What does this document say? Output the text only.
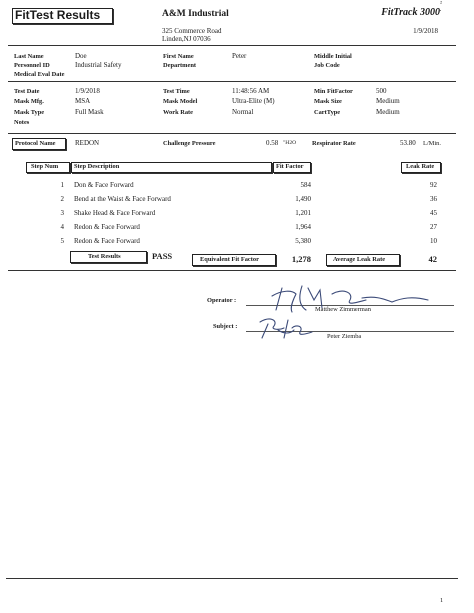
FitTest Results	A&M Industrial
325 Commerce Road
Linden,NJ 07036
FitTrack 3000
1/9/2018
²
Last Name	Doe	First Name	Peter	Middle Initial
Personnel ID	Industrial Safety	Department	Job Code
Medical Eval Date
Test Date	1/9/2018	Test Time	11:48:56 AM	Min FitFactor	500
Mask Mfg.	MSA	Mask Model	Ultra-Elite (M)	Mask Size	Medium
Mask Type	Full Mask	Work Rate	Normal	CartType	Medium
Notes
Protocol Name	REDON	Challenge Pressure	0.58 "H2O Respirator Rate	53.80 L/Min.
Step Num Step Description	Fit Factor	Leak Rate
1 Don & Face Forward	584	92
2 Bend at the Waist & Face Forward	1,490	36
3 Shake Head & Face Forward	1,201	45
4 Redon & Face Forward	1,964	27
5 Redon & Face Forward	5,380	10
Test Results	PASS	Equivalent Fit Factor	1,278	Average Leak Rate	42
Operator :
Matthew Zimmerman
Subject :
Peter Ziemba
1
